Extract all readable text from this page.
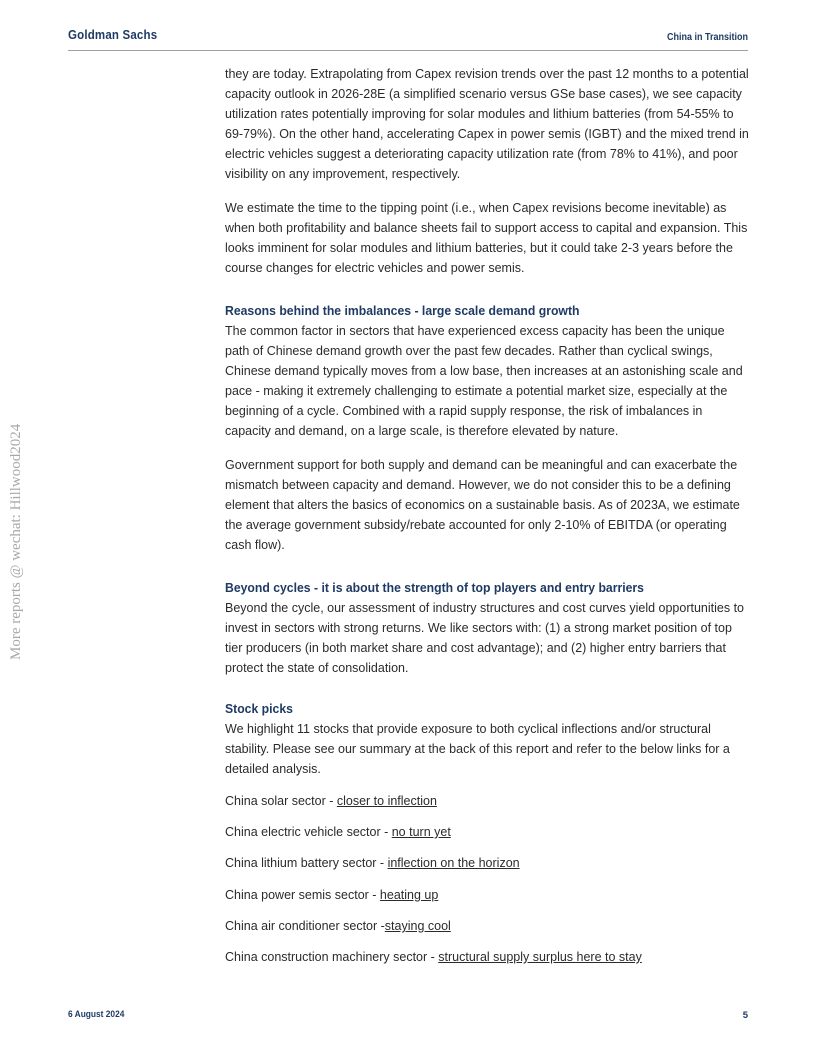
Goldman Sachs	China in Transition
More reports @ wechat: Hillwood2024

they are today. Extrapolating from Capex revision trends over the past 12 months to a potential capacity outlook in 2026-28E (a simplified scenario versus GSe base cases), we see capacity utilization rates potentially improving for solar modules and lithium batteries (from 54-55% to 69-79%). On the other hand, accelerating Capex in power semis (IGBT) and the mixed trend in electric vehicles suggest a deteriorating capacity utilization rate (from 78% to 41%), and poor visibility on any improvement, respectively.

We estimate the time to the tipping point (i.e., when Capex revisions become inevitable) as when both profitability and balance sheets fail to support access to capital and expansion. This looks imminent for solar modules and lithium batteries, but it could take 2-3 years before the course changes for electric vehicles and power semis.

Reasons behind the imbalances - large scale demand growth

The common factor in sectors that have experienced excess capacity has been the unique path of Chinese demand growth over the past few decades. Rather than cyclical swings, Chinese demand typically moves from a low base, then increases at an astonishing scale and pace - making it extremely challenging to estimate a potential market size, especially at the beginning of a cycle. Combined with a rapid supply response, the risk of imbalances in capacity and demand, on a large scale, is therefore elevated by nature.

Government support for both supply and demand can be meaningful and can exacerbate the mismatch between capacity and demand. However, we do not consider this to be a defining element that alters the basics of economics on a sustainable basis. As of 2023A, we estimate the average government subsidy/rebate accounted for only 2-10% of EBITDA (or operating cash flow).

Beyond cycles - it is about the strength of top players and entry barriers

Beyond the cycle, our assessment of industry structures and cost curves yield opportunities to invest in sectors with strong returns. We like sectors with: (1) a strong market position of top tier producers (in both market share and cost advantage); and (2) higher entry barriers that protect the state of consolidation.

Stock picks

We highlight 11 stocks that provide exposure to both cyclical inflections and/or structural stability. Please see our summary at the back of this report and refer to the below links for a detailed analysis.

China solar sector - closer to inflection

China electric vehicle sector - no turn yet

China lithium battery sector - inflection on the horizon

China power semis sector - heating up

China air conditioner sector -staying cool

China construction machinery sector - structural supply surplus here to stay

6 August 2024	5
